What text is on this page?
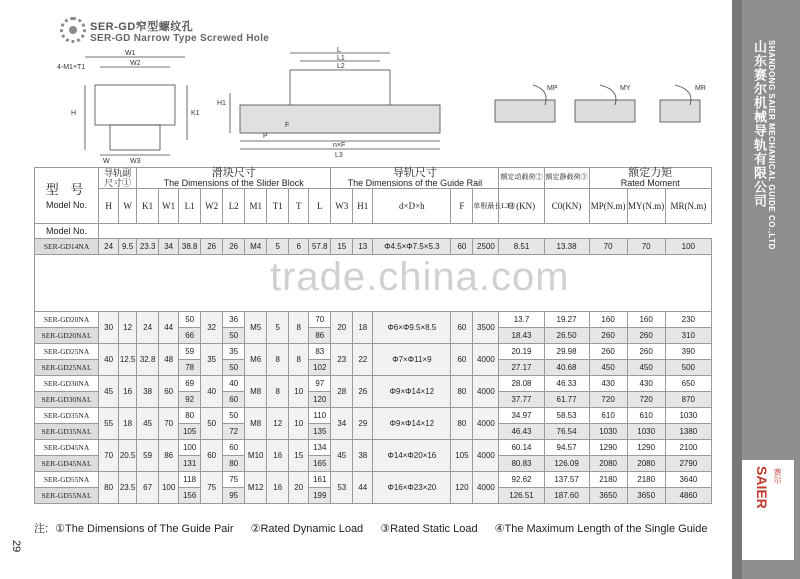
SER-GD窄型螺纹孔
SER-GD Narrow Type Screwed Hole
W1
W2
4-M1×T1
H	K1
W	W3
L
L1
L2
H1
P
F
n×F
L3
MP	MY	MR
型 号
Model No.	导轨副
尺寸①		滑块尺寸
The Dimensions of the Slider Block									导轨尺寸
The Dimensions of the Guide Rail					额定动载荷②	额定静载荷③	额定力矩
Rated Moment		
	H	W	K1	W1	L1	W2	L2	M1	T1	T	L	W3	H1	d×D×h	F	单根最长L3④	C (KN)	C0(KN)	MP(N.m)	MY(N.m)	MR(N.m)

Model No.																					

SER-GD14NA	24	9.5	23.3	34	38.8	26	26	M4	5	6	57.8	15	13	Φ4.5×Φ7.5×5.3	60	2500	8.51	13.38	70	70	100

SER-GD20NA	30	12	24	44	50	32	36	M5	5	8	70	20	18	Φ6×Φ9.5×8.5	60	3500	13.7	19.27	160	160	230
SER-GD20NAL					66		50				86						18.43	26.50	260	260	310
SER-GD25NA	40	12.5	32.8	48	59	35	35	M6	8	8	83	23	22	Φ7×Φ11×9	60	4000	20.19	29.98	260	260	390
SER-GD25NAL					78		50				102						27.17	40.68	450	450	500
SER-GD30NA	45	16	38	60	69	40	40	M8	8	10	97	28	26	Φ9×Φ14×12	80	4000	28.08	46.33	430	430	650
SER-GD30NAL					92		60				120						37.77	61.77	720	720	870
SER-GD35NA	55	18	45	70	80	50	50	M8	12	10	110	34	29	Φ9×Φ14×12	80	4000	34.97	58.53	610	610	1030
SER-GD35NAL					105		72				135						46.43	76.54	1030	1030	1380
SER-GD45NA	70	20.5	59	86	100	60	60	M10	16	15	134	45	38	Φ14×Φ20×16	105	4000	60.14	94.57	1290	1290	2100
SER-GD45NAL					131		80				165						80.83	126.09	2080	2080	2790
SER-GD55NA	80	23.5	67	100	118	75	75	M12	16	20	161	53	44	Φ16×Φ23×20	120	4000	92.62	137.57	2180	2180	3640
SER-GD55NAL					156		95				199						126.51	187.60	3650	3650	4860
trade.china.com
注: ①The Dimensions of The Guide Pair ②Rated Dynamic Load ③Rated Static Load ④The Maximum Length of the Single Guide
29
山东赛尔机械导轨有限公司 SHANDONG SAIER MECHANICAL GUIDE CO.,LTD
SAIER 赛尔
